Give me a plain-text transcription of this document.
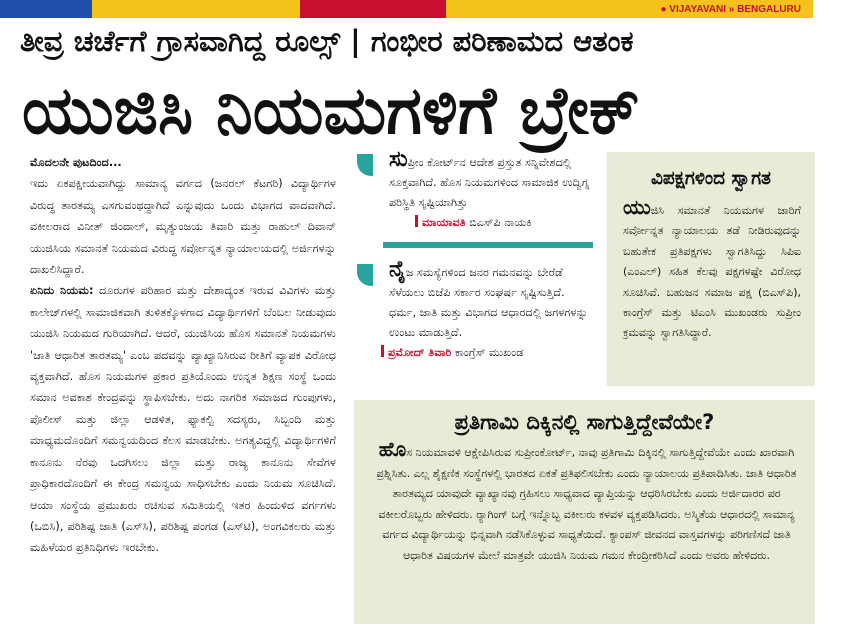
● VIJAYAVANI » BENGALURU
ತೀವ್ರ ಚರ್ಚೆಗೆ ಗ್ರಾಸವಾಗಿದ್ದ ರೂಲ್ಸ್ | ಗಂಭೀರ ಪರಿಣಾಮದ ಆತಂಕ
ಯುಜಿಸಿ ನಿಯಮಗಳಿಗೆ ಬ್ರೇಕ್

ಮೊದಲನೇ ಪುಟದಿಂದ...

ಇದು ಏಕಪಕ್ಷೀಯವಾಗಿದ್ದು ಸಾಮಾನ್ಯ ವರ್ಗದ (ಜನರಲ್ ಕೆಟಗರಿ) ವಿದ್ಯಾರ್ಥಿಗಳ ವಿರುದ್ಧ ತಾರತಮ್ಯ ಎಸಗುವಂಥದ್ದಾಗಿದೆ ಎನ್ನುವುದು ಒಂದು ವಿಭಾಗದ ವಾದವಾಗಿದೆ. ವಕೀಲರಾದ ವಿನೀತ್ ಜಿಂದಾಲ್, ಮೃತ್ಯುಂಜಯ ತಿವಾರಿ ಮತ್ತು ರಾಹುಲ್ ದಿವಾನ್ ಯುಜಿಸಿಯ ಸಮಾನತೆ ನಿಯಮದ ವಿರುದ್ಧ ಸರ್ವೋನ್ನತ ನ್ಯಾಯಾಲಯದಲ್ಲಿ ಅರ್ಜಿಗಳನ್ನು ದಾಖಲಿಸಿದ್ದಾರೆ.

ಏನಿದು ನಿಯಮ: ದೂರುಗಳ ಪರಿಹಾರ ಮತ್ತು ದೇಶಾದ್ಯಂತ ಇರುವ ವಿವಿಗಳು ಮತ್ತು ಕಾಲೇಜ್‌ಗಳಲ್ಲಿ ಸಾಮಾಜಿಕವಾಗಿ ತುಳಿತಕ್ಕೊಳಗಾದ ವಿದ್ಯಾರ್ಥಿಗಳಿಗೆ ಬೆಂಬಲ ನೀಡುವುದು ಯುಜಿಸಿ ನಿಯಮದ ಗುರಿಯಾಗಿದೆ. ಆದರೆ, ಯುಜಿಸಿಯ ಹೊಸ ಸಮಾನತೆ ನಿಯಮಗಳು 'ಜಾತಿ ಆಧಾರಿತ ತಾರತಮ್ಯ' ಎಂಬ ಪದವನ್ನು ವ್ಯಾಖ್ಯಾನಿಸಿರುವ ರೀತಿಗೆ ವ್ಯಾಪಕ ವಿರೋಧ ವ್ಯಕ್ತವಾಗಿದೆ. ಹೊಸ ನಿಯಮಗಳ ಪ್ರಕಾರ ಪ್ರತಿಯೊಂದು ಉನ್ನತ ಶಿಕ್ಷಣ ಸಂಸ್ಥೆ ಒಂದು ಸಮಾನ ಅವಕಾಶ ಕೇಂದ್ರವನ್ನು ಸ್ಥಾಪಿಸಬೇಕು. ಅದು ನಾಗರಿಕ ಸಮಾಜದ ಗುಂಪುಗಳು, ಪೊಲೀಸ್ ಮತ್ತು ಜಿಲ್ಲಾ ಆಡಳಿತ, ಫ್ಯಾಕಲ್ಟಿ ಸದಸ್ಯರು, ಸಿಬ್ಬಂದಿ ಮತ್ತು ಮಾಧ್ಯಮದೊಂದಿಗೆ ಸಮನ್ವಯದಿಂದ ಕೆಲಸ ಮಾಡಬೇಕು. ಅಗತ್ಯವಿದ್ದಲ್ಲಿ ವಿದ್ಯಾರ್ಥಿಗಳಿಗೆ ಕಾನೂನು ನೆರವು ಒದಗಿಸಲು ಜಿಲ್ಲಾ ಮತ್ತು ರಾಜ್ಯ ಕಾನೂನು ಸೇವೆಗಳ ಪ್ರಾಧಿಕಾರದೊಂದಿಗೆ ಈ ಕೇಂದ್ರ ಸಮನ್ವಯ ಸಾಧಿಸಬೇಕು ಎಂದು ನಿಯಮ ಸೂಚಿಸಿದೆ. ಆಯಾ ಸಂಸ್ಥೆಯ ಪ್ರಮುಖರು ರಚಿಸುವ ಸಮಿತಿಯಲ್ಲಿ ಇತರ ಹಿಂದುಳಿದ ವರ್ಗಗಳು (ಒಬಿಸಿ), ಪರಿಶಿಷ್ಟ ಜಾತಿ (ಎಸ್‌ಸಿ), ಪರಿಶಿಷ್ಟ ಪಂಗಡ (ಎಸ್‌ಟಿ), ಅಂಗವಿಕಲರು ಮತ್ತು ಮಹಿಳೆಯರ ಪ್ರತಿನಿಧಿಗಳು ಇರಬೇಕು.

ಸುಪ್ರೀಂ ಕೋರ್ಟ್‌ನ ಆದೇಶ ಪ್ರಸ್ತುತ ಸನ್ನಿವೇಶದಲ್ಲಿ ಸೂಕ್ತವಾಗಿದೆ. ಹೊಸ ನಿಯಮಗಳಿಂದ ಸಾಮಾಜಿಕ ಉದ್ವಿಗ್ನ ಪರಿಸ್ಥಿತಿ ಸೃಷ್ಟಿಯಾಗಿತ್ತು

ಮಾಯಾವತಿ ಬಿಎಸ್‌ಪಿ ನಾಯಕಿ

ನೈಜ ಸಮಸ್ಯೆಗಳಿಂದ ಜನರ ಗಮನವನ್ನು ಬೇರೆಡೆ ಸೆಳೆಯಲು ಬಿಜೆಪಿ ಸರ್ಕಾರ ಸಂಘರ್ಷ ಸೃಷ್ಟಿಸುತ್ತಿದೆ. ಧರ್ಮ, ಜಾತಿ ಮತ್ತು ವಿಭಾಗದ ಆಧಾರದಲ್ಲಿ ಜಗಳಗಳನ್ನು ಉಂಟು ಮಾಡುತ್ತಿದೆ.

ಪ್ರಮೋದ್ ತಿವಾರಿ ಕಾಂಗ್ರೆಸ್ ಮುಖಂಡ
ವಿಪಕ್ಷಗಳಿಂದ ಸ್ವಾಗತ

ಯುಜಿಸಿ ಸಮಾನತೆ ನಿಯಮಗಳ ಜಾರಿಗೆ ಸರ್ವೋನ್ನತ ನ್ಯಾಯಾಲಯ ತಡೆ ನೀಡಿರುವುದನ್ನು ಬಹುತೇಕ ಪ್ರತಿಪಕ್ಷಗಳು ಸ್ವಾಗತಿಸಿದ್ದು ಸಿಪಿಐ (ಎಂಎಲ್) ಸಹಿತ ಕೆಲವು ಪಕ್ಷಗಳಷ್ಟೇ ವಿರೋಧ ಸೂಚಿಸಿವೆ. ಬಹುಜನ ಸಮಾಜ ಪಕ್ಷ (ಬಿಎಸ್‌ಪಿ), ಕಾಂಗ್ರೆಸ್ ಮತ್ತು ಟಿಎಂಸಿ ಮುಖಂಡರು ಸುಪ್ರೀಂ ಕ್ರಮವನ್ನು ಸ್ವಾಗತಿಸಿದ್ದಾರೆ.

ಪ್ರತಿಗಾಮಿ ದಿಕ್ಕಿನಲ್ಲಿ ಸಾಗುತ್ತಿದ್ದೇವೆಯೇ?

ಹೊಸ ನಿಯಮಾವಳಿ ಆಕ್ಷೇಪಿಸಿರುವ ಸುಪ್ರೀಂಕೋರ್ಟ್, ನಾವು ಪ್ರತಿಗಾಮಿ ದಿಕ್ಕಿನಲ್ಲಿ ಸಾಗುತ್ತಿದ್ದೇವೆಯೇ ಎಂದು ಖಾರವಾಗಿ ಪ್ರಶ್ನಿಸಿತು. ಎಲ್ಲ ಶೈಕ್ಷಣಿಕ ಸಂಸ್ಥೆಗಳಲ್ಲಿ ಭಾರತದ ಏಕತೆ ಪ್ರತಿಫಲಿಸಬೇಕು ಎಂದು ನ್ಯಾಯಾಲಯ ಪ್ರತಿಪಾದಿಸಿತು. ಜಾತಿ ಆಧಾರಿತ ತಾರತಮ್ಯದ ಯಾವುದೇ ವ್ಯಾಖ್ಯಾನವು ಗ್ರಹಿಸಲು ಸಾಧ್ಯವಾದ ವ್ಯಾಪ್ತಿಯನ್ನು ಆಧರಿಸಿರಬೇಕು ಎಂದು ಅರ್ಜಿದಾರರ ಪರ ವಕೀಲರೊಬ್ಬರು ಹೇಳಿದರು. ರ್‍ಯಾಗಿಂಗ್ ಬಗ್ಗೆ ಇನ್ನೊಬ್ಬ ವಕೀಲರು ಕಳವಳ ವ್ಯಕ್ತಪಡಿಸಿದರು. ಅಸ್ಮಿತೆಯ ಆಧಾರದಲ್ಲಿ ಸಾಮಾನ್ಯ ವರ್ಗದ ವಿದ್ಯಾರ್ಥಿಯನ್ನು ಭಿನ್ನವಾಗಿ ನಡೆಸಿಕೊಳ್ಳುವ ಸಾಧ್ಯತೆಯಿದೆ. ಕ್ಯಾಂಪಸ್ ಜೀವನದ ವಾಸ್ತವಗಳನ್ನು ಪರಿಗಣಿಸದೆ ಜಾತಿ ಆಧಾರಿತ ವಿಷಯಗಳ ಮೇಲೆ ಮಾತ್ರವೇ ಯುಜಿಸಿ ನಿಯಮ ಗಮನ ಕೇಂದ್ರೀಕರಿಸಿದೆ ಎಂದು ಅವರು ಹೇಳಿದರು.
